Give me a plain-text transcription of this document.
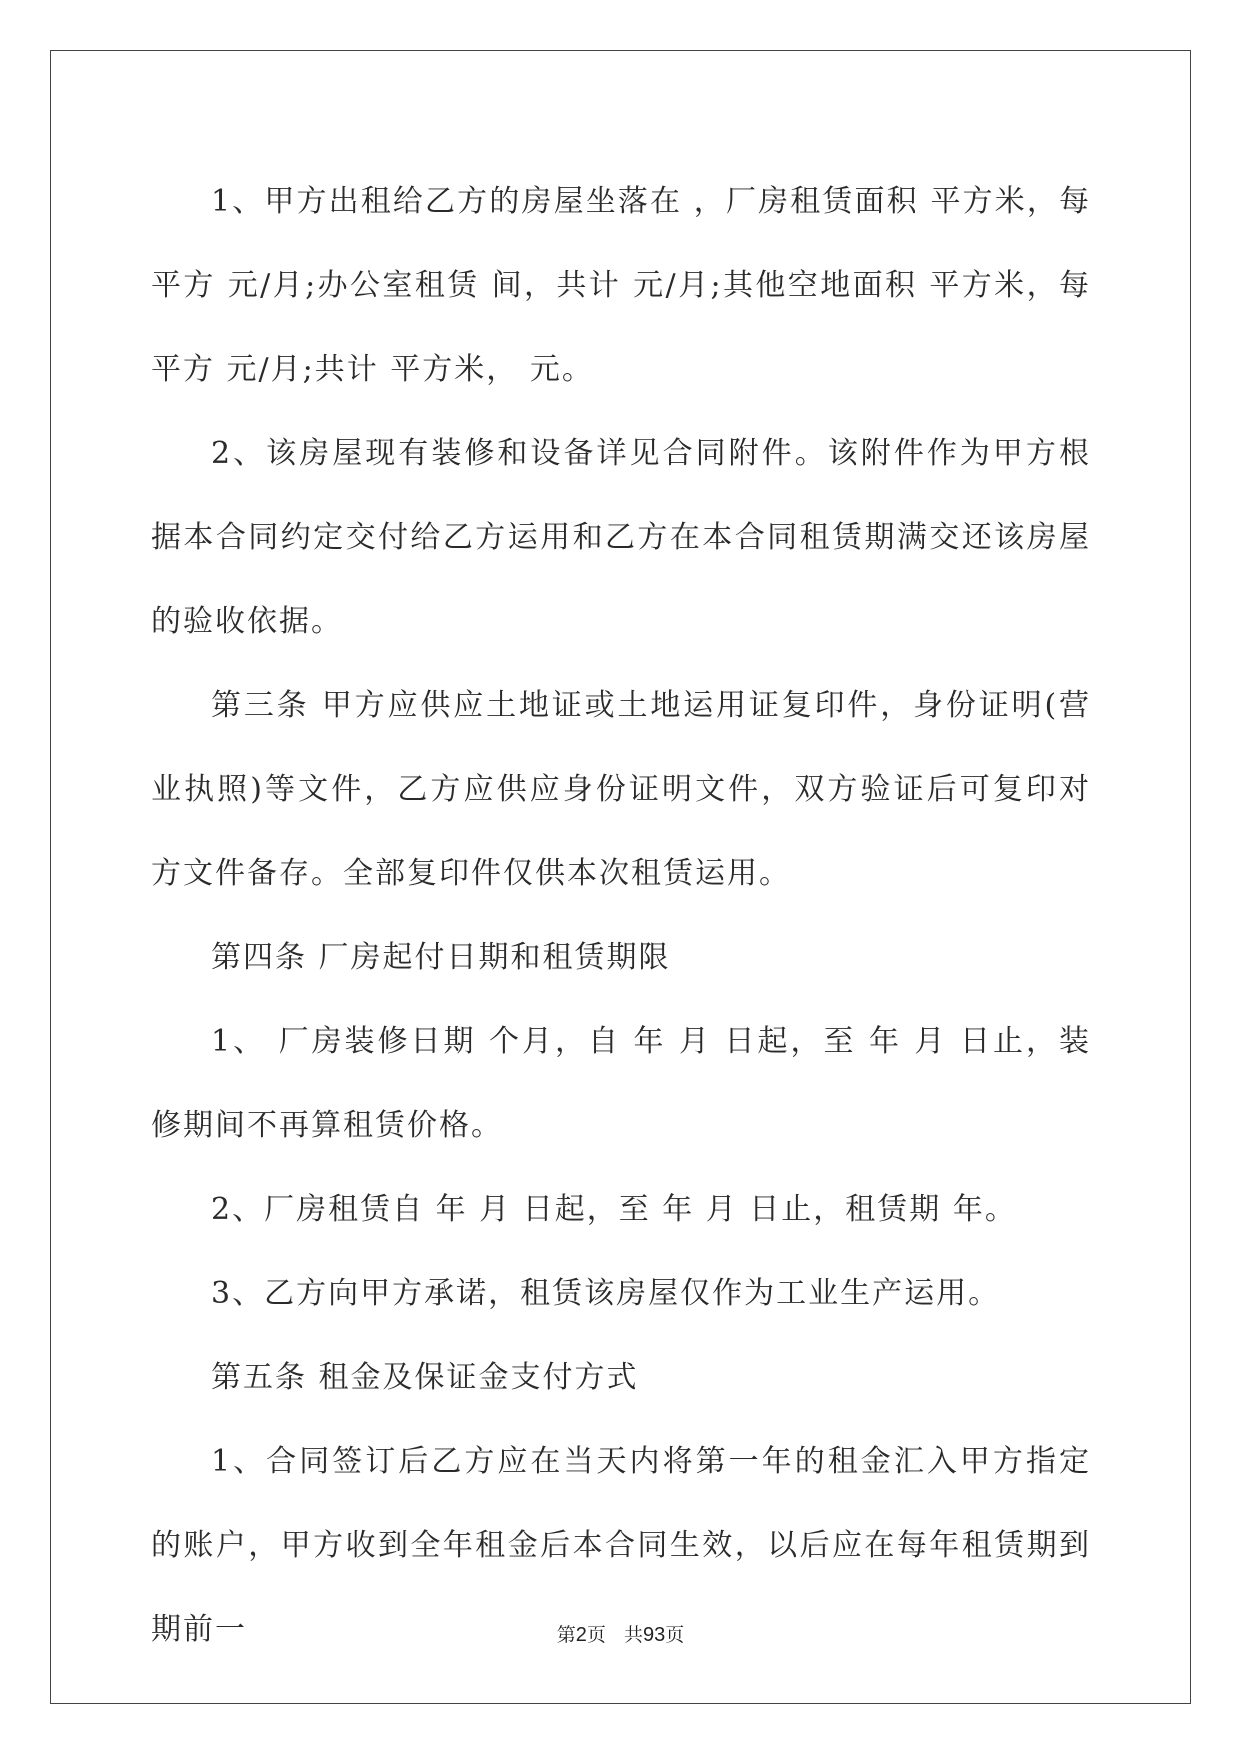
1、甲方出租给乙方的房屋坐落在 ，厂房租赁面积 平方米，每平方 元/月;办公室租赁 间，共计 元/月;其他空地面积 平方米，每平方 元/月;共计 平方米， 元。

2、该房屋现有装修和设备详见合同附件。该附件作为甲方根据本合同约定交付给乙方运用和乙方在本合同租赁期满交还该房屋的验收依据。

第三条 甲方应供应土地证或土地运用证复印件，身份证明(营业执照)等文件，乙方应供应身份证明文件，双方验证后可复印对方文件备存。全部复印件仅供本次租赁运用。

第四条 厂房起付日期和租赁期限

1、 厂房装修日期 个月，自 年 月 日起，至 年 月 日止，装修期间不再算租赁价格。

2、厂房租赁自 年 月 日起，至 年 月 日止，租赁期 年。

3、乙方向甲方承诺，租赁该房屋仅作为工业生产运用。

第五条 租金及保证金支付方式

1、合同签订后乙方应在当天内将第一年的租金汇入甲方指定的账户，甲方收到全年租金后本合同生效，以后应在每年租赁期到期前一	第2页 共93页
